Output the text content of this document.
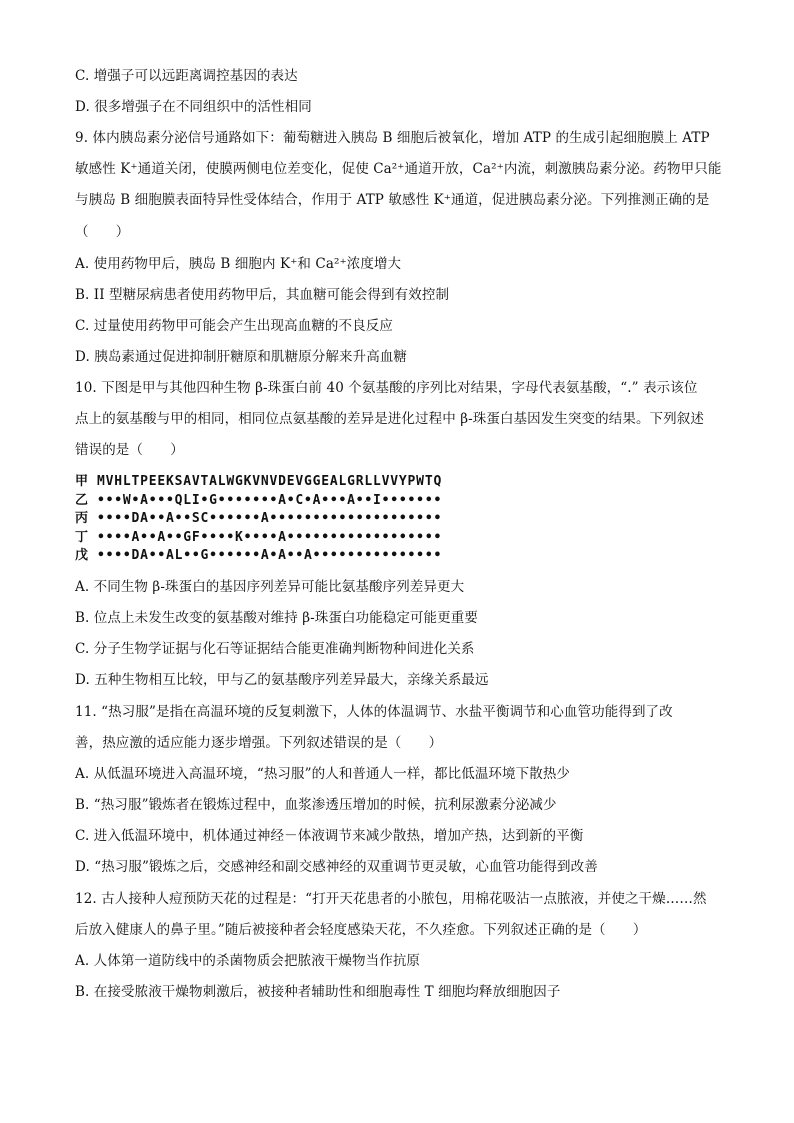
C. 增强子可以远距离调控基因的表达
D. 很多增强子在不同组织中的活性相同
9. 体内胰岛素分泌信号通路如下：葡萄糖进入胰岛 B 细胞后被氧化，增加 ATP 的生成引起细胞膜上 ATP
敏感性 K⁺通道关闭，使膜两侧电位差变化，促使 Ca²⁺通道开放，Ca²⁺内流，刺激胰岛素分泌。药物甲只能
与胰岛 B 细胞膜表面特异性受体结合，作用于 ATP 敏感性 K⁺通道，促进胰岛素分泌。下列推测正确的是
（　　）
A. 使用药物甲后，胰岛 B 细胞内 K⁺和 Ca²⁺浓度增大
B. II 型糖尿病患者使用药物甲后，其血糖可能会得到有效控制
C. 过量使用药物甲可能会产生出现高血糖的不良反应
D. 胰岛素通过促进抑制肝糖原和肌糖原分解来升高血糖
10. 下图是甲与其他四种生物 β-珠蛋白前 40 个氨基酸的序列比对结果，字母代表氨基酸，“.” 表示该位
点上的氨基酸与甲的相同，相同位点氨基酸的差异是进化过程中 β-珠蛋白基因发生突变的结果。下列叙述
错误的是（　　）
甲 MVHLTPEEKSAVTALWGKVNVDEVGGEALGRLLVVYPWTQ
乙 •••W•A•••QLI•G•••••••A•C•A•••A••I•••••••
丙 ••••DA••A••SC••••••A••••••••••••••••••••
丁 ••••A••A••GF••••K••••A••••••••••••••••••
戊 ••••DA••AL••G••••••A•A••A•••••••••••••••
A. 不同生物 β-珠蛋白的基因序列差异可能比氨基酸序列差异更大
B. 位点上未发生改变的氨基酸对维持 β-珠蛋白功能稳定可能更重要
C. 分子生物学证据与化石等证据结合能更准确判断物种间进化关系
D. 五种生物相互比较，甲与乙的氨基酸序列差异最大，亲缘关系最远
11. “热习服”是指在高温环境的反复刺激下，人体的体温调节、水盐平衡调节和心血管功能得到了改
善，热应激的适应能力逐步增强。下列叙述错误的是（　　）
A. 从低温环境进入高温环境，“热习服”的人和普通人一样，都比低温环境下散热少
B. “热习服”锻炼者在锻炼过程中，血浆渗透压增加的时候，抗利尿激素分泌减少
C. 进入低温环境中，机体通过神经－体液调节来减少散热，增加产热，达到新的平衡
D. “热习服”锻炼之后，交感神经和副交感神经的双重调节更灵敏，心血管功能得到改善
12. 古人接种人痘预防天花的过程是：“打开天花患者的小脓包，用棉花吸沾一点脓液，并使之干燥……然
后放入健康人的鼻子里。”随后被接种者会轻度感染天花，不久痊愈。下列叙述正确的是（　　）
A. 人体第一道防线中的杀菌物质会把脓液干燥物当作抗原
B. 在接受脓液干燥物刺激后，被接种者辅助性和细胞毒性 T 细胞均释放细胞因子
